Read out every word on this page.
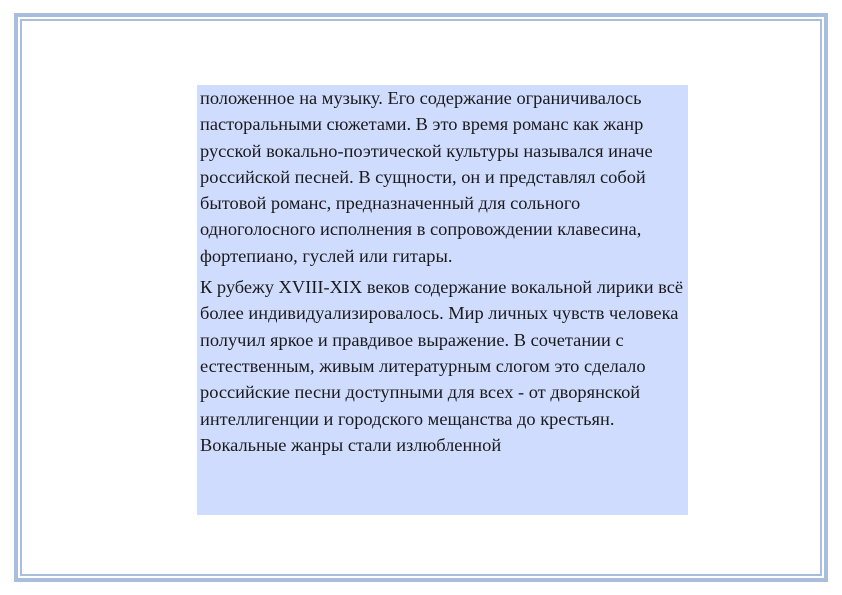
положенное на музыку. Его содержание ограничивалось пасторальными сюжетами. В это время романс как жанр русской вокально-поэтической культуры назывался иначе российской песней. В сущности, он и представлял собой бытовой романс, предназначенный для сольного одноголосного исполнения в сопровождении клавесина, фортепиано, гуслей или гитары.

К рубежу XVIII-XIX веков содержание вокальной лирики всё более индивидуализировалось. Мир личных чувств человека получил яркое и правдивое выражение. В сочетании с естественным, живым литературным слогом это сделало российские песни доступными для всех - от дворянской интеллигенции и городского мещанства до крестьян. Вокальные жанры стали излюбленной
